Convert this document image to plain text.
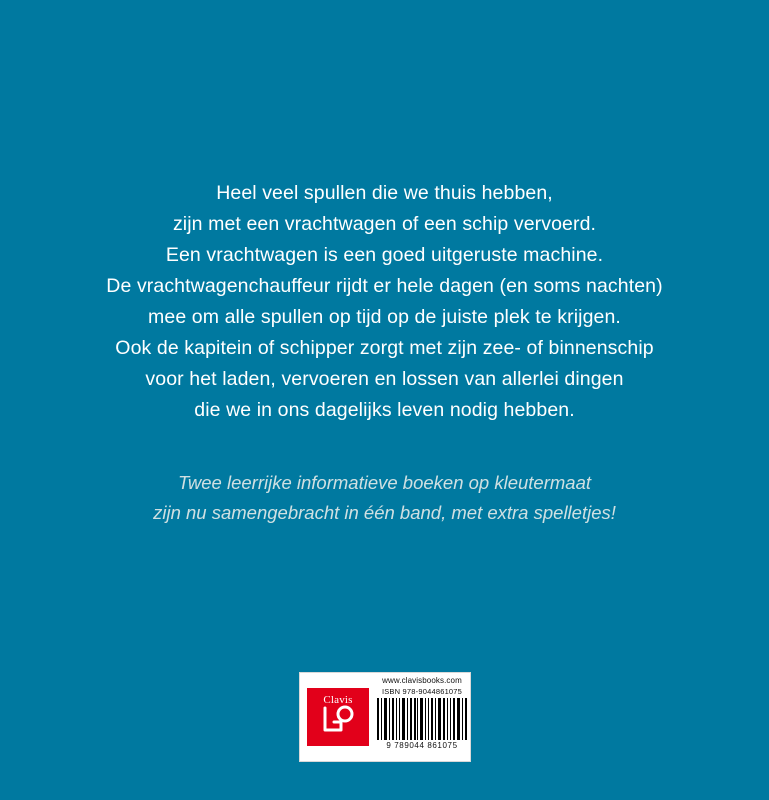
Heel veel spullen die we thuis hebben,
zijn met een vrachtwagen of een schip vervoerd.
Een vrachtwagen is een goed uitgeruste machine.
De vrachtwagenchauffeur rijdt er hele dagen (en soms nachten)
mee om alle spullen op tijd op de juiste plek te krijgen.
Ook de kapitein of schipper zorgt met zijn zee- of binnenschip
voor het laden, vervoeren en lossen van allerlei dingen
die we in ons dagelijks leven nodig hebben.
Twee leerrijke informatieve boeken op kleutermaat
zijn nu samengebracht in één band, met extra spelletjes!
Clavis
www.clavisbooks.com
ISBN 978-9044861075
9 789044 861075
